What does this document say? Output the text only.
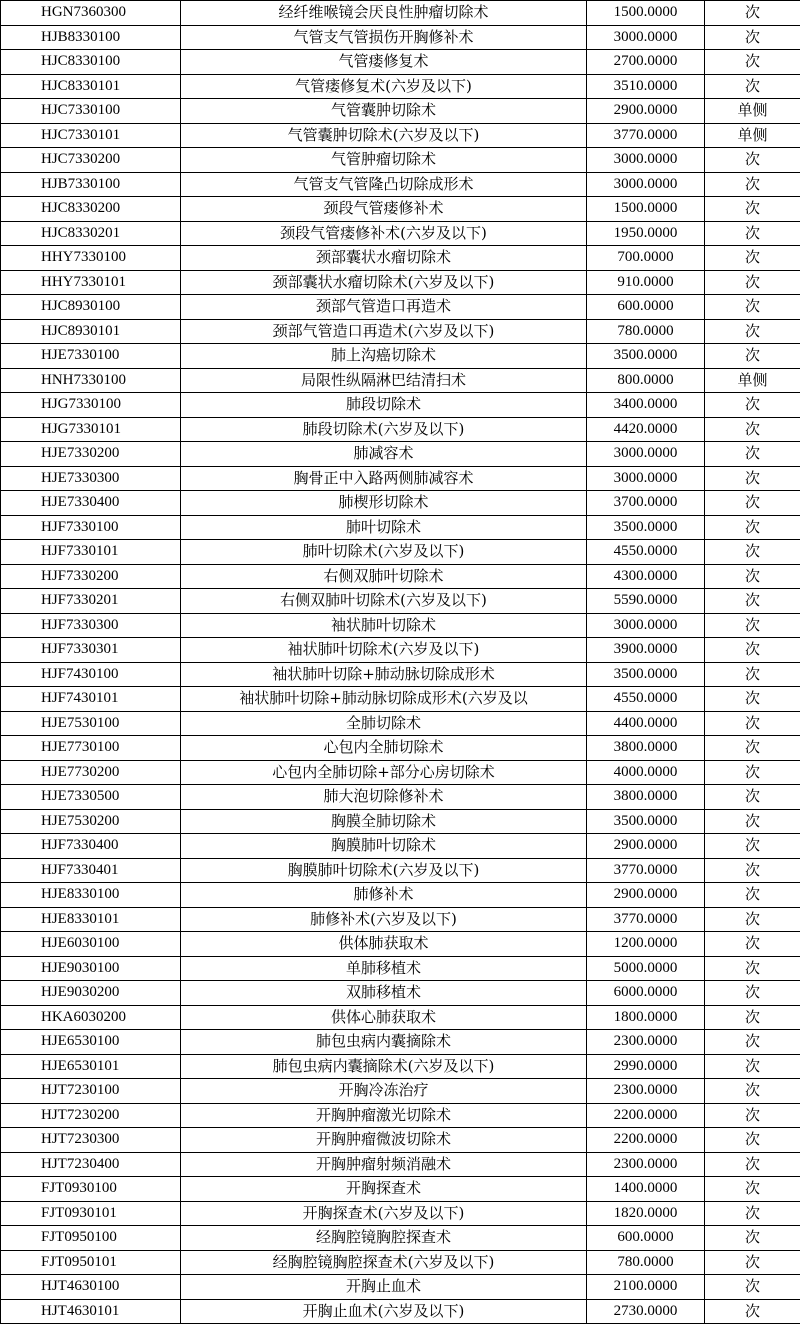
HGN7360300	经纤维喉镜会厌良性肿瘤切除术	1500.0000	次
HJB8330100	气管支气管损伤开胸修补术	3000.0000	次
HJC8330100	气管瘘修复术	2700.0000	次
HJC8330101	气管瘘修复术(六岁及以下)	3510.0000	次
HJC7330100	气管囊肿切除术	2900.0000	单侧
HJC7330101	气管囊肿切除术(六岁及以下)	3770.0000	单侧
HJC7330200	气管肿瘤切除术	3000.0000	次
HJB7330100	气管支气管隆凸切除成形术	3000.0000	次
HJC8330200	颈段气管瘘修补术	1500.0000	次
HJC8330201	颈段气管瘘修补术(六岁及以下)	1950.0000	次
HHY7330100	颈部囊状水瘤切除术	700.0000	次
HHY7330101	颈部囊状水瘤切除术(六岁及以下)	910.0000	次
HJC8930100	颈部气管造口再造术	600.0000	次
HJC8930101	颈部气管造口再造术(六岁及以下)	780.0000	次
HJE7330100	肺上沟癌切除术	3500.0000	次
HNH7330100	局限性纵隔淋巴结清扫术	800.0000	单侧
HJG7330100	肺段切除术	3400.0000	次
HJG7330101	肺段切除术(六岁及以下)	4420.0000	次
HJE7330200	肺减容术	3000.0000	次
HJE7330300	胸骨正中入路两侧肺减容术	3000.0000	次
HJE7330400	肺楔形切除术	3700.0000	次
HJF7330100	肺叶切除术	3500.0000	次
HJF7330101	肺叶切除术(六岁及以下)	4550.0000	次
HJF7330200	右侧双肺叶切除术	4300.0000	次
HJF7330201	右侧双肺叶切除术(六岁及以下)	5590.0000	次
HJF7330300	袖状肺叶切除术	3000.0000	次
HJF7330301	袖状肺叶切除术(六岁及以下)	3900.0000	次
HJF7430100	袖状肺叶切除+肺动脉切除成形术	3500.0000	次
HJF7430101	袖状肺叶切除+肺动脉切除成形术(六岁及以	4550.0000	次
HJE7530100	全肺切除术	4400.0000	次
HJE7730100	心包内全肺切除术	3800.0000	次
HJE7730200	心包内全肺切除+部分心房切除术	4000.0000	次
HJE7330500	肺大泡切除修补术	3800.0000	次
HJE7530200	胸膜全肺切除术	3500.0000	次
HJF7330400	胸膜肺叶切除术	2900.0000	次
HJF7330401	胸膜肺叶切除术(六岁及以下)	3770.0000	次
HJE8330100	肺修补术	2900.0000	次
HJE8330101	肺修补术(六岁及以下)	3770.0000	次
HJE6030100	供体肺获取术	1200.0000	次
HJE9030100	单肺移植术	5000.0000	次
HJE9030200	双肺移植术	6000.0000	次
HKA6030200	供体心肺获取术	1800.0000	次
HJE6530100	肺包虫病内囊摘除术	2300.0000	次
HJE6530101	肺包虫病内囊摘除术(六岁及以下)	2990.0000	次
HJT7230100	开胸冷冻治疗	2300.0000	次
HJT7230200	开胸肿瘤激光切除术	2200.0000	次
HJT7230300	开胸肿瘤微波切除术	2200.0000	次
HJT7230400	开胸肿瘤射频消融术	2300.0000	次
FJT0930100	开胸探查术	1400.0000	次
FJT0930101	开胸探查术(六岁及以下)	1820.0000	次
FJT0950100	经胸腔镜胸腔探查术	600.0000	次
FJT0950101	经胸腔镜胸腔探查术(六岁及以下)	780.0000	次
HJT4630100	开胸止血术	2100.0000	次
HJT4630101	开胸止血术(六岁及以下)	2730.0000	次
